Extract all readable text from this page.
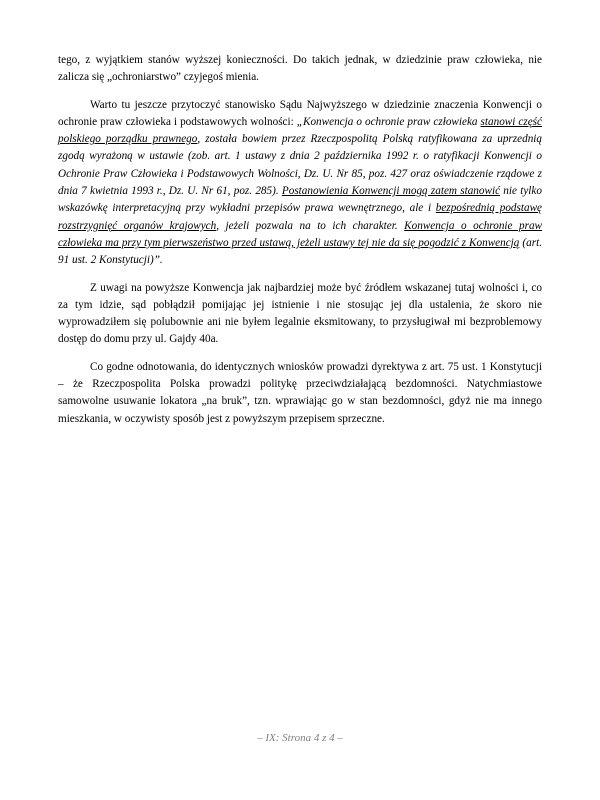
tego, z wyjątkiem stanów wyższej konieczności. Do takich jednak, w dziedzinie praw człowieka, nie zalicza się „ochroniarstwo” czyjegoś mienia.

Warto tu jeszcze przytoczyć stanowisko Sądu Najwyższego w dziedzinie znaczenia Konwencji o ochronie praw człowieka i podstawowych wolności: „Konwencja o ochronie praw człowieka stanowi część polskiego porządku prawnego, została bowiem przez Rzeczpospolitą Polską ratyfikowana za uprzednią zgodą wyrażoną w ustawie (zob. art. 1 ustawy z dnia 2 października 1992 r. o ratyfikacji Konwencji o Ochronie Praw Człowieka i Podstawowych Wolności, Dz. U. Nr 85, poz. 427 oraz oświadczenie rządowe z dnia 7 kwietnia 1993 r., Dz. U. Nr 61, poz. 285). Postanowienia Konwencji mogą zatem stanowić nie tylko wskazówkę interpretacyjną przy wykładni przepisów prawa wewnętrznego, ale i bezpośrednią podstawę rozstrzygnięć organów krajowych, jeżeli pozwala na to ich charakter. Konwencja o ochronie praw człowieka ma przy tym pierwszeństwo przed ustawą, jeżeli ustawy tej nie da się pogodzić z Konwencją (art. 91 ust. 2 Konstytucji)”.

Z uwagi na powyższe Konwencja jak najbardziej może być źródłem wskazanej tutaj wolności i, co za tym idzie, sąd pobłądził pomijając jej istnienie i nie stosując jej dla ustalenia, że skoro nie wyprowadziłem się polubownie ani nie byłem legalnie eksmitowany, to przysługiwał mi bezproblemowy dostęp do domu przy ul. Gajdy 40a.

Co godne odnotowania, do identycznych wniosków prowadzi dyrektywa z art. 75 ust. 1 Konstytucji – że Rzeczpospolita Polska prowadzi politykę przeciwdziałającą bezdomności. Natychmiastowe samowolne usuwanie lokatora „na bruk”, tzn. wprawiając go w stan bezdomności, gdyż nie ma innego mieszkania, w oczywisty sposób jest z powyższym przepisem sprzeczne.

– IX: Strona 4 z 4 –
